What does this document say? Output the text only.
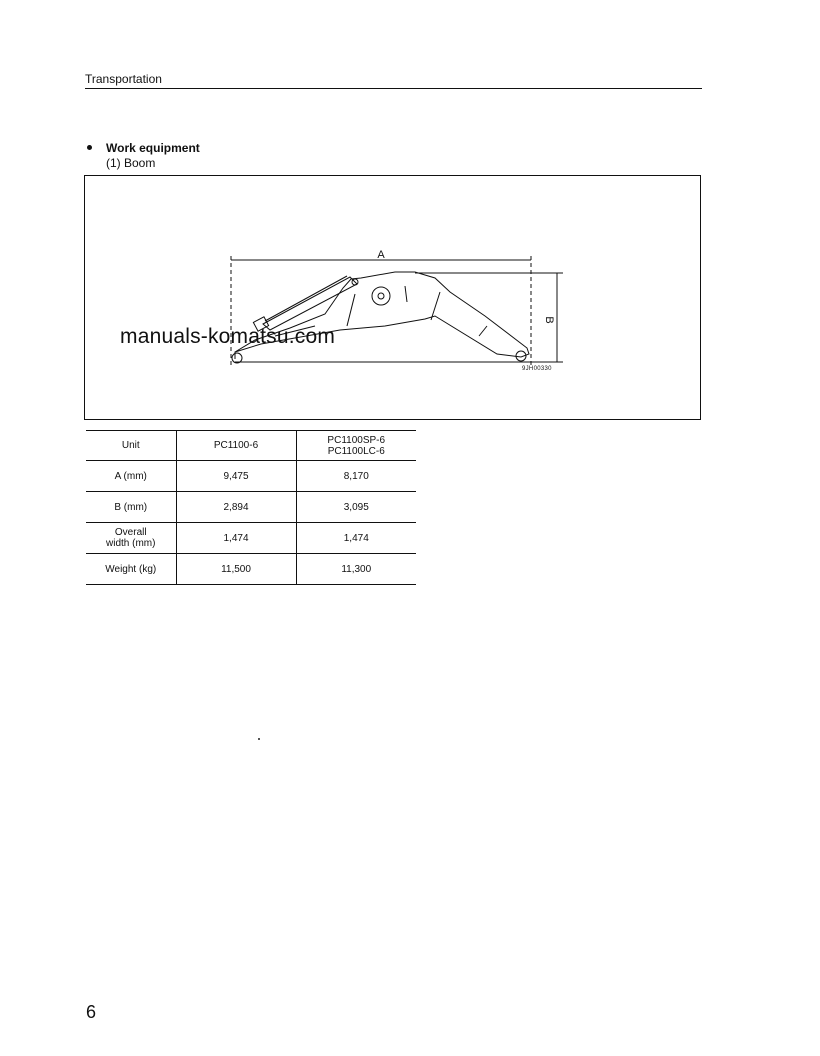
Transportation
Work equipment
(1) Boom
A
B
9JH00330
manuals-komatsu.com
Unit	PC1100-6	PC1100SP-6
PC1100LC-6

A (mm)	9,475	8,170
B (mm)	2,894	3,095

Overall
width (mm)	1,474	1,474
Weight (kg)	11,500	11,300
6
